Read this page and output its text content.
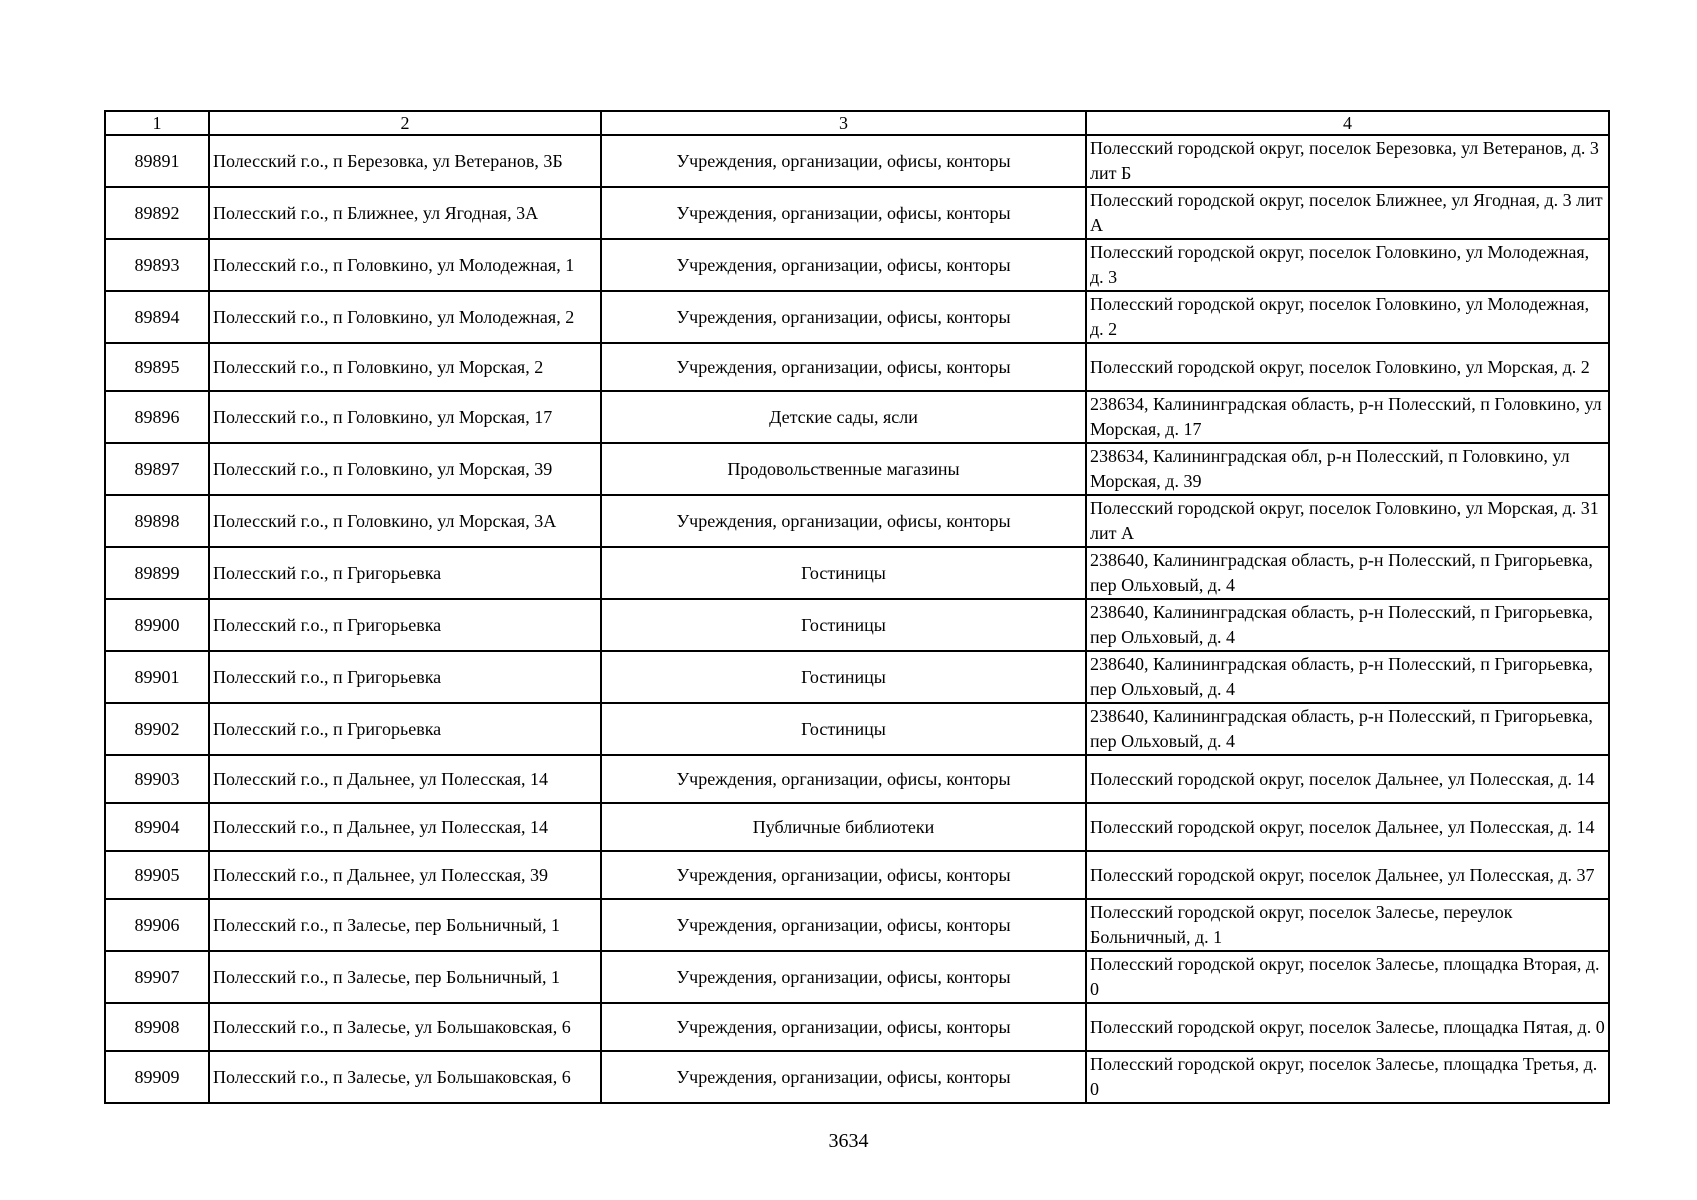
1	2	3	4
89891	Полесский г.о., п Березовка, ул Ветеранов, 3Б	Учреждения, организации, офисы, конторы	Полесский городской округ, поселок Березовка, ул Ветеранов, д. 3 лит Б
89892	Полесский г.о., п Ближнее, ул Ягодная, 3А	Учреждения, организации, офисы, конторы	Полесский городской округ, поселок Ближнее, ул Ягодная, д. 3 лит А
89893	Полесский г.о., п Головкино, ул Молодежная, 1	Учреждения, организации, офисы, конторы	Полесский городской округ, поселок Головкино, ул Молодежная, д. 3
89894	Полесский г.о., п Головкино, ул Молодежная, 2	Учреждения, организации, офисы, конторы	Полесский городской округ, поселок Головкино, ул Молодежная, д. 2
89895	Полесский г.о., п Головкино, ул Морская, 2	Учреждения, организации, офисы, конторы	Полесский городской округ, поселок Головкино, ул Морская, д. 2
89896	Полесский г.о., п Головкино, ул Морская, 17	Детские сады, ясли	238634, Калининградская область, р-н Полесский, п Головкино, ул Морская, д. 17
89897	Полесский г.о., п Головкино, ул Морская, 39	Продовольственные магазины	238634, Калининградская обл, р-н Полесский, п Головкино, ул Морская, д. 39
89898	Полесский г.о., п Головкино, ул Морская, 3А	Учреждения, организации, офисы, конторы	Полесский городской округ, поселок Головкино, ул Морская, д. 31 лит А
89899	Полесский г.о., п Григорьевка	Гостиницы	238640, Калининградская область, р-н Полесский, п Григорьевка, пер Ольховый, д. 4
89900	Полесский г.о., п Григорьевка	Гостиницы	238640, Калининградская область, р-н Полесский, п Григорьевка, пер Ольховый, д. 4
89901	Полесский г.о., п Григорьевка	Гостиницы	238640, Калининградская область, р-н Полесский, п Григорьевка, пер Ольховый, д. 4
89902	Полесский г.о., п Григорьевка	Гостиницы	238640, Калининградская область, р-н Полесский, п Григорьевка, пер Ольховый, д. 4
89903	Полесский г.о., п Дальнее, ул Полесская, 14	Учреждения, организации, офисы, конторы	Полесский городской округ, поселок Дальнее, ул Полесская, д. 14
89904	Полесский г.о., п Дальнее, ул Полесская, 14	Публичные библиотеки	Полесский городской округ, поселок Дальнее, ул Полесская, д. 14
89905	Полесский г.о., п Дальнее, ул Полесская, 39	Учреждения, организации, офисы, конторы	Полесский городской округ, поселок Дальнее, ул Полесская, д. 37
89906	Полесский г.о., п Залесье, пер Больничный, 1	Учреждения, организации, офисы, конторы	Полесский городской округ, поселок Залесье, переулок Больничный, д. 1
89907	Полесский г.о., п Залесье, пер Больничный, 1	Учреждения, организации, офисы, конторы	Полесский городской округ, поселок Залесье, площадка Вторая, д. 0
89908	Полесский г.о., п Залесье, ул Большаковская, 6	Учреждения, организации, офисы, конторы	Полесский городской округ, поселок Залесье, площадка Пятая, д. 0
89909	Полесский г.о., п Залесье, ул Большаковская, 6	Учреждения, организации, офисы, конторы	Полесский городской округ, поселок Залесье, площадка Третья, д. 0
3634
